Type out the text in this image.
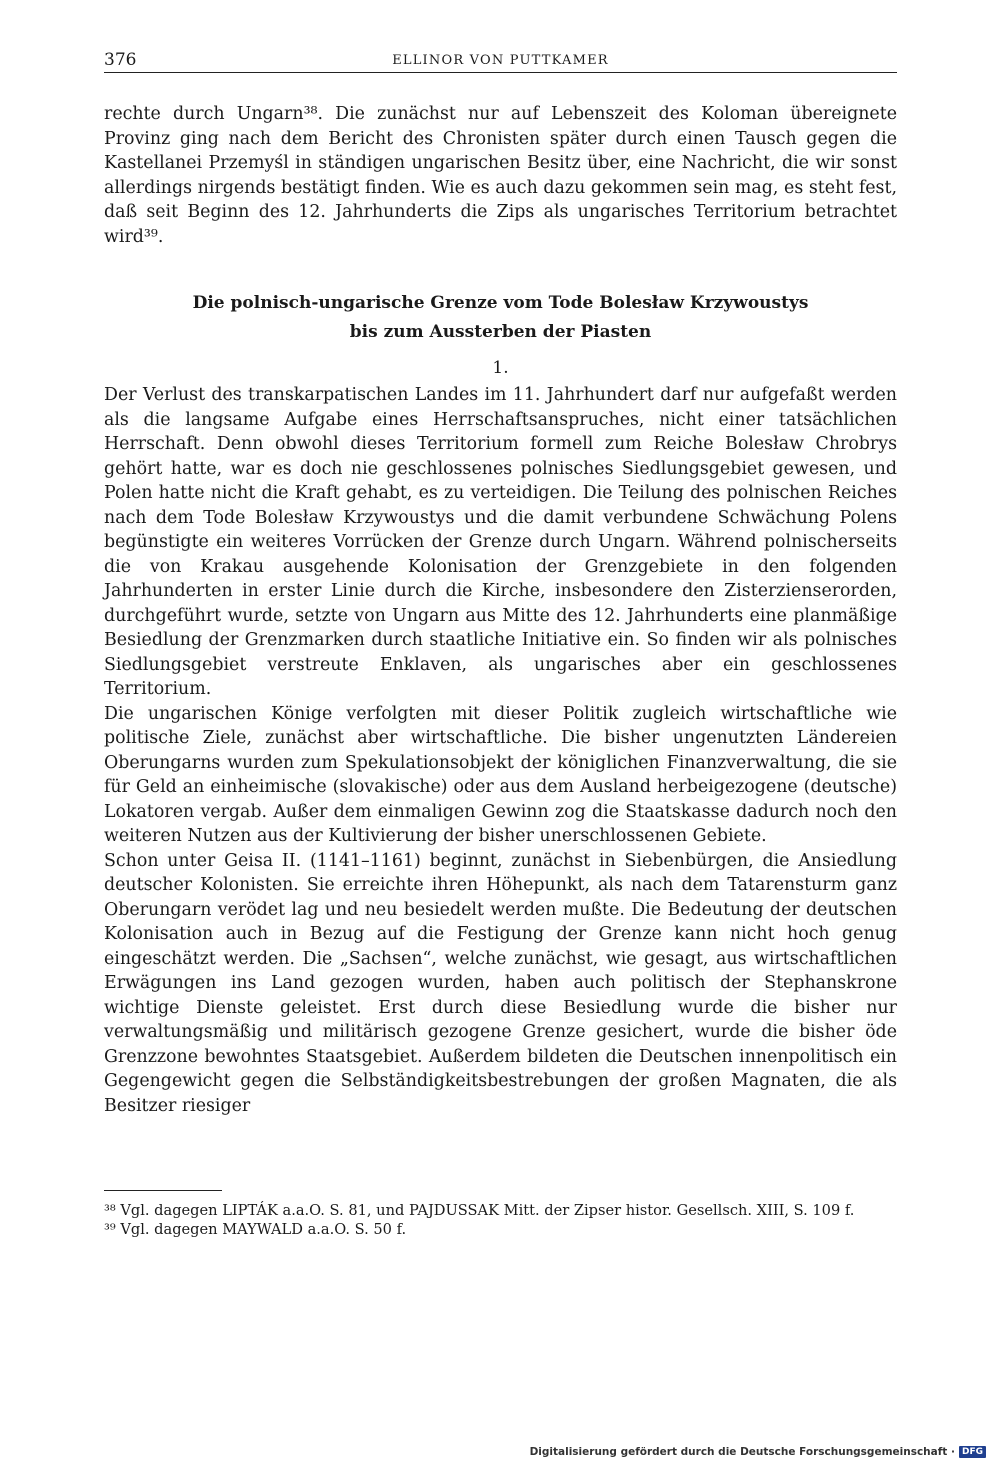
376	ELLINOR VON PUTTKAMER

rechte durch Ungarn³⁸. Die zunächst nur auf Lebenszeit des Koloman übereignete Provinz ging nach dem Bericht des Chronisten später durch einen Tausch gegen die Kastellanei Przemyśl in ständigen ungarischen Besitz über, eine Nachricht, die wir sonst allerdings nirgends bestätigt finden. Wie es auch dazu gekommen sein mag, es steht fest, daß seit Beginn des 12. Jahrhunderts die Zips als ungarisches Territorium betrachtet wird³⁹.

Die polnisch-ungarische Grenze vom Tode Bolesław Krzywoustys
bis zum Aussterben der Piasten
1.

Der Verlust des transkarpatischen Landes im 11. Jahrhundert darf nur aufgefaßt werden als die langsame Aufgabe eines Herrschaftsanspruches, nicht einer tatsächlichen Herrschaft. Denn obwohl dieses Territorium formell zum Reiche Bolesław Chrobrys gehört hatte, war es doch nie geschlossenes polnisches Siedlungsgebiet gewesen, und Polen hatte nicht die Kraft gehabt, es zu verteidigen. Die Teilung des polnischen Reiches nach dem Tode Bolesław Krzywoustys und die damit verbundene Schwächung Polens begünstigte ein weiteres Vorrücken der Grenze durch Ungarn. Während polnischerseits die von Krakau ausgehende Kolonisation der Grenzgebiete in den folgenden Jahrhunderten in erster Linie durch die Kirche, insbesondere den Zisterzienserorden, durchgeführt wurde, setzte von Ungarn aus Mitte des 12. Jahrhunderts eine planmäßige Besiedlung der Grenzmarken durch staatliche Initiative ein. So finden wir als polnisches Siedlungsgebiet verstreute Enklaven, als ungarisches aber ein geschlossenes Territorium.

Die ungarischen Könige verfolgten mit dieser Politik zugleich wirtschaftliche wie politische Ziele, zunächst aber wirtschaftliche. Die bisher ungenutzten Ländereien Oberungarns wurden zum Spekulationsobjekt der königlichen Finanzverwaltung, die sie für Geld an einheimische (slovakische) oder aus dem Ausland herbeigezogene (deutsche) Lokatoren vergab. Außer dem einmaligen Gewinn zog die Staatskasse dadurch noch den weiteren Nutzen aus der Kultivierung der bisher unerschlossenen Gebiete.

Schon unter Geisa II. (1141–1161) beginnt, zunächst in Siebenbürgen, die Ansiedlung deutscher Kolonisten. Sie erreichte ihren Höhepunkt, als nach dem Tatarensturm ganz Oberungarn verödet lag und neu besiedelt werden mußte. Die Bedeutung der deutschen Kolonisation auch in Bezug auf die Festigung der Grenze kann nicht hoch genug eingeschätzt werden. Die „Sachsen“, welche zunächst, wie gesagt, aus wirtschaftlichen Erwägungen ins Land gezogen wurden, haben auch politisch der Stephanskrone wichtige Dienste geleistet. Erst durch diese Besiedlung wurde die bisher nur verwaltungsmäßig und militärisch gezogene Grenze gesichert, wurde die bisher öde Grenzzone bewohntes Staatsgebiet. Außerdem bildeten die Deutschen innenpolitisch ein Gegengewicht gegen die Selbständigkeitsbestrebungen der großen Magnaten, die als Besitzer riesiger

³⁸ Vgl. dagegen LIPTÁK a.a.O. S. 81, und PAJDUSSAK Mitt. der Zipser histor. Gesellsch. XIII, S. 109 f.

³⁹ Vgl. dagegen MAYWALD a.a.O. S. 50 f.

Digitalisierung gefördert durch die Deutsche Forschungsgemeinschaft · DFG
